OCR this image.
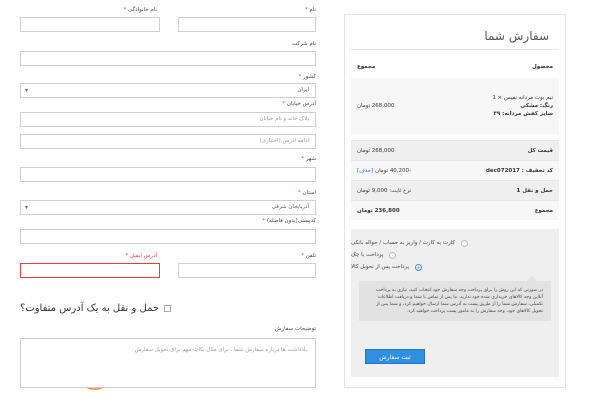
سفارش شما
محصول
مجموع
تیم بوت مردانه نفیس × 1
رنگ: مشکی
سایز کفش مردانه: ۳۹
268,000 تومان
قیمت کل
268,000 تومان
کد تخفیف : dec072017
-40,200 تومان [حذف]
حمل و نقل 1
نرخ ثابت: 9,000 تومان
مجموع
236,800 تومان
کارت به کارت / واریز به حساب / حواله بانکی
پرداخت با چک
پرداخت پس از تحویل کالا
در صورتی که این روش را برای پرداخت وجه سفارش خود انتخاب کنید، نیازی به پرداخت آنلاین وجه کالاهای خریداری شده خود ندارید. ما پس از تماس با شما و دریافت اطلاعات تکمیلی، سفارش شما را از طریق پست به آدرس شما ارسال خواهیم کرد، و شما پس از تحویل کالاهای خود، وجه سفارش را به مامور پست پرداخت خواهید کرد.
ثبت سفارش
نام *
نام خانوادگی *
نام شرکت
کشور *
ایران
▾
آدرس خیابان *
پلاک خانه و نام خیابان
ادامه آدرس (اختیاری)
شهر *
استان *
آذربایجان شرقی
▾
کدپستی(بدون فاصله) *
تلفن *
آدرس ایمیل *
حمل و نقل به یک آدرس متفاوت؟
توضیحات سفارش
یادداشت ها درباره سفارش شما ، برای مثال نکات مهم برای تحویل سفارش
